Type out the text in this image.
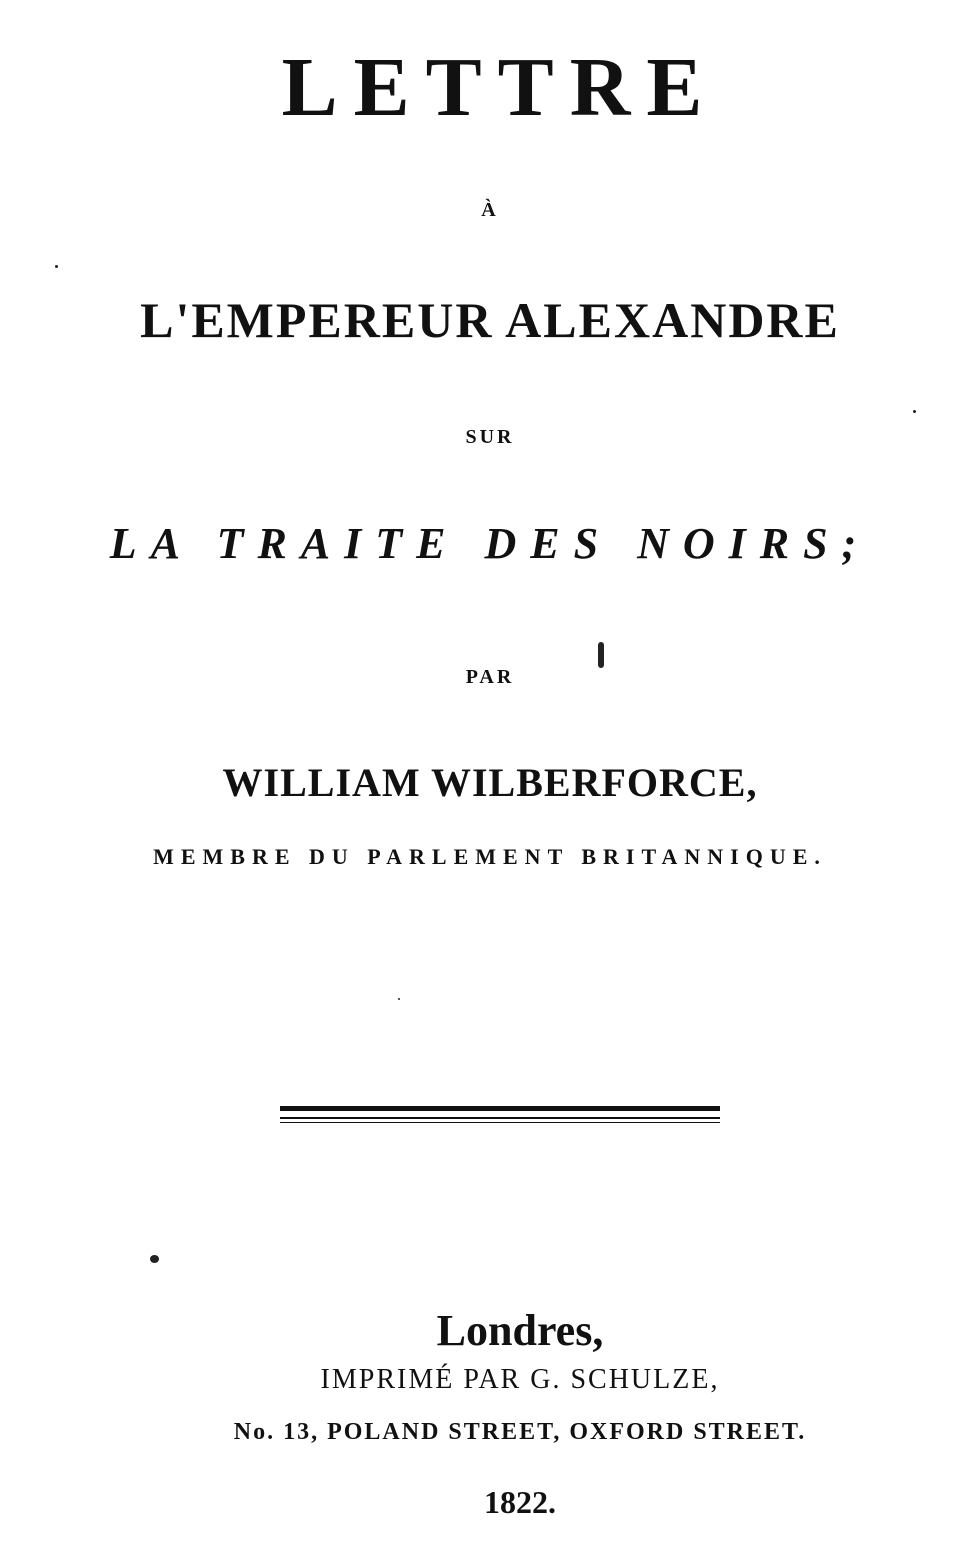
LETTRE
À
L'EMPEREUR ALEXANDRE
SUR
LA TRAITE DES NOIRS;
PAR
WILLIAM WILBERFORCE,
MEMBRE DU PARLEMENT BRITANNIQUE.
Londres,
IMPRIMÉ PAR G. SCHULZE,
No. 13, POLAND STREET, OXFORD STREET.
1822.
